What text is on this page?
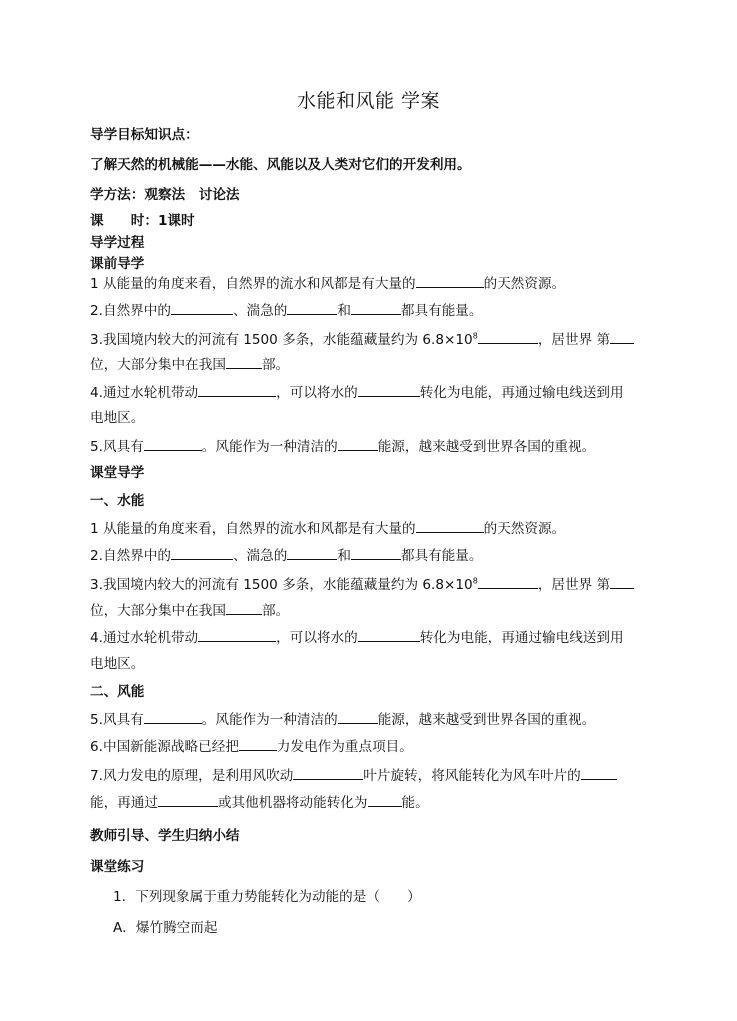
水能和风能 学案
导学目标知识点：
了解天然的机械能——水能、风能以及人类对它们的开发利用。
学方法：观察法　讨论法
课　　时：1课时
导学过程
课前导学
1 从能量的角度来看，自然界的流水和风都是有大量的	的天然资源。
2.自然界中的	、湍急的	和	都具有能量。
3.我国境内较大的河流有 1500 多条，水能蕴藏量约为 $6.8\times 10^8$	，居世界 第
位，大部分集中在我国	部。
4.通过水轮机带动	，可以将水的	转化为电能，再通过输电线送到用
电地区。
5.风具有	。风能作为一种清洁的	能源，越来越受到世界各国的重视。
课堂导学
一、水能
1 从能量的角度来看，自然界的流水和风都是有大量的	的天然资源。
2.自然界中的	、湍急的	和	都具有能量。
3.我国境内较大的河流有 1500 多条，水能蕴藏量约为 $6.8\times 10^8$	，居世界 第
位，大部分集中在我国	部。
4.通过水轮机带动	，可以将水的	转化为电能，再通过输电线送到用
电地区。
二、风能
5.风具有	。风能作为一种清洁的	能源，越来越受到世界各国的重视。
6.中国新能源战略已经把	力发电作为重点项目。
7.风力发电的原理，是利用风吹动	叶片旋转，将风能转化为风车叶片的
能，再通过	或其他机器将动能转化为	能。
教师引导、学生归纳小结
课堂练习
1．下列现象属于重力势能转化为动能的是（　　）
A．爆竹腾空而起
